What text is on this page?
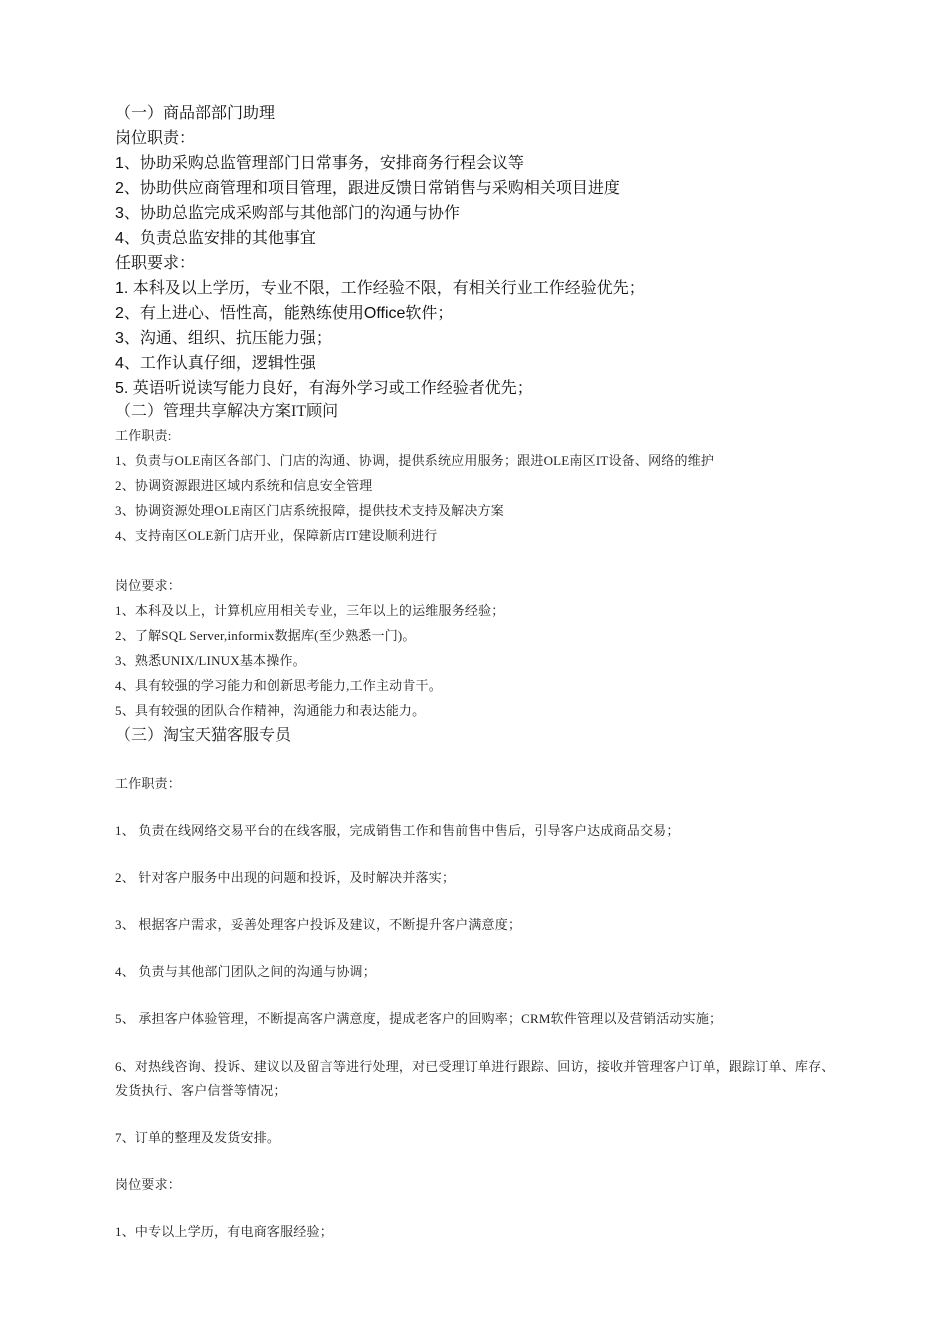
（一）商品部部门助理

岗位职责：

1、协助采购总监管理部门日常事务，安排商务行程会议等

2、协助供应商管理和项目管理，跟进反馈日常销售与采购相关项目进度

3、协助总监完成采购部与其他部门的沟通与协作

4、负责总监安排的其他事宜

任职要求：

1. 本科及以上学历，专业不限，工作经验不限，有相关行业工作经验优先；

2、有上进心、悟性高，能熟练使用Office软件；

3、沟通、组织、抗压能力强；

4、工作认真仔细，逻辑性强

5. 英语听说读写能力良好，有海外学习或工作经验者优先；

（二）管理共享解决方案IT顾问

工作职责:

1、负责与OLE南区各部门、门店的沟通、协调，提供系统应用服务；跟进OLE南区IT设备、网络的维护

2、协调资源跟进区域内系统和信息安全管理

3、协调资源处理OLE南区门店系统报障，提供技术支持及解决方案

4、支持南区OLE新门店开业，保障新店IT建设顺利进行

岗位要求：

1、本科及以上，计算机应用相关专业，三年以上的运维服务经验；

2、了解SQL Server,informix数据库(至少熟悉一门)。

3、熟悉UNIX/LINUX基本操作。

4、具有较强的学习能力和创新思考能力,工作主动肯干。

5、具有较强的团队合作精神，沟通能力和表达能力。

（三）淘宝天猫客服专员

工作职责：

1、 负责在线网络交易平台的在线客服，完成销售工作和售前售中售后，引导客户达成商品交易；

2、 针对客户服务中出现的问题和投诉，及时解决并落实；

3、 根据客户需求，妥善处理客户投诉及建议，不断提升客户满意度；

4、 负责与其他部门团队之间的沟通与协调；

5、 承担客户体验管理，不断提高客户满意度，提成老客户的回购率；CRM软件管理以及营销活动实施；

6、对热线咨询、投诉、建议以及留言等进行处理，对已受理订单进行跟踪、回访，接收并管理客户订单，跟踪订单、库存、发货执行、客户信誉等情况；

7、订单的整理及发货安排。

岗位要求：

1、中专以上学历，有电商客服经验；
